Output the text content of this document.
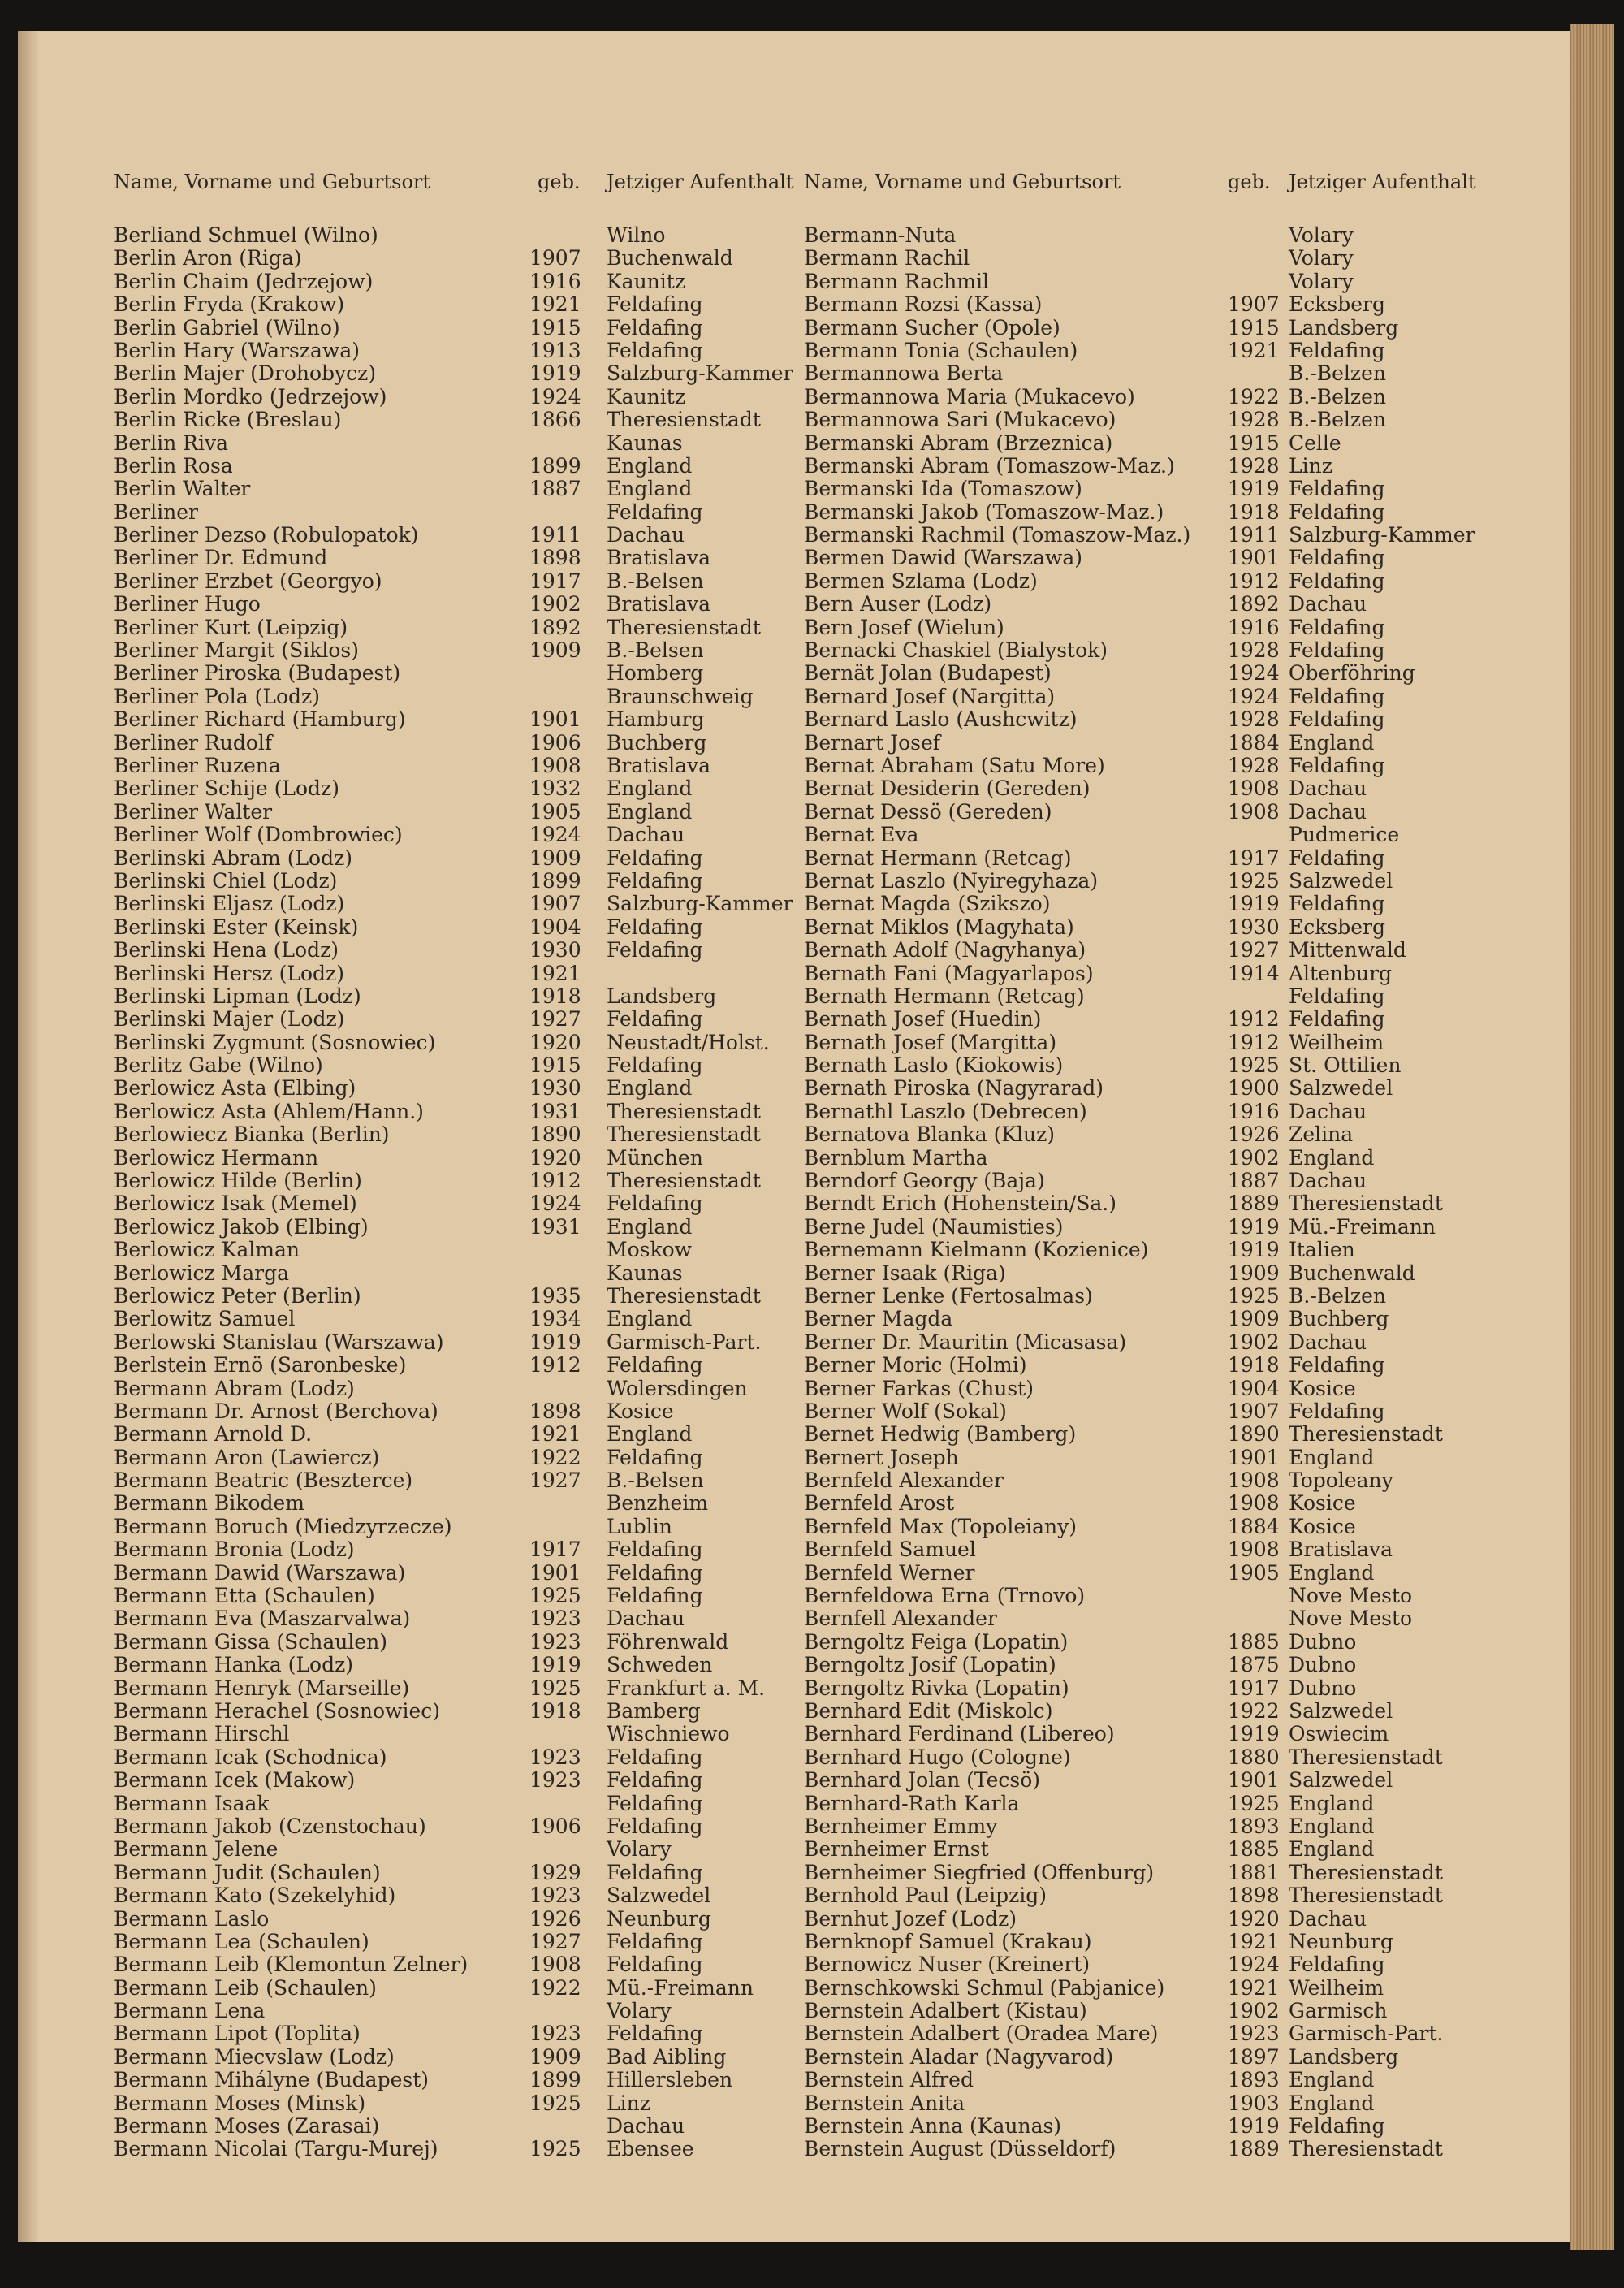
Name, Vorname und Geburtsort	geb. Jetziger Aufenthalt
Berliand Schmuel (Wilno)	Wilno
Berlin Aron (Riga)	1907 Buchenwald
Berlin Chaim (Jedrzejow)	1916 Kaunitz
Berlin Fryda (Krakow)	1921 Feldafing
Berlin Gabriel (Wilno)	1915 Feldafing
Berlin Hary (Warszawa)	1913 Feldafing
Berlin Majer (Drohobycz)	1919 Salzburg-Kammer
Berlin Mordko (Jedrzejow)	1924 Kaunitz
Berlin Ricke (Breslau)	1866 Theresienstadt
Berlin Riva	Kaunas
Berlin Rosa	1899 England
Berlin Walter	1887 England
Berliner	Feldafing
Berliner Dezso (Robulopatok)	1911 Dachau
Berliner Dr. Edmund	1898 Bratislava
Berliner Erzbet (Georgyo)	1917 B.-Belsen
Berliner Hugo	1902 Bratislava
Berliner Kurt (Leipzig)	1892 Theresienstadt
Berliner Margit (Siklos)	1909 B.-Belsen
Berliner Piroska (Budapest)	Homberg
Berliner Pola (Lodz)	Braunschweig
Berliner Richard (Hamburg)	1901 Hamburg
Berliner Rudolf	1906 Buchberg
Berliner Ruzena	1908 Bratislava
Berliner Schije (Lodz)	1932 England
Berliner Walter	1905 England
Berliner Wolf (Dombrowiec)	1924 Dachau
Berlinski Abram (Lodz)	1909 Feldafing
Berlinski Chiel (Lodz)	1899 Feldafing
Berlinski Eljasz (Lodz)	1907 Salzburg-Kammer
Berlinski Ester (Keinsk)	1904 Feldafing
Berlinski Hena (Lodz)	1930 Feldafing
Berlinski Hersz (Lodz)	1921
Berlinski Lipman (Lodz)	1918 Landsberg
Berlinski Majer (Lodz)	1927 Feldafing
Berlinski Zygmunt (Sosnowiec)	1920 Neustadt/Holst.
Berlitz Gabe (Wilno)	1915 Feldafing
Berlowicz Asta (Elbing)	1930 England
Berlowicz Asta (Ahlem/Hann.)	1931 Theresienstadt
Berlowiecz Bianka (Berlin)	1890 Theresienstadt
Berlowicz Hermann	1920 München
Berlowicz Hilde (Berlin)	1912 Theresienstadt
Berlowicz Isak (Memel)	1924 Feldafing
Berlowicz Jakob (Elbing)	1931 England
Berlowicz Kalman	Moskow
Berlowicz Marga	Kaunas
Berlowicz Peter (Berlin)	1935 Theresienstadt
Berlowitz Samuel	1934 England
Berlowski Stanislau (Warszawa)	1919 Garmisch-Part.
Berlstein Ernö (Saronbeske)	1912 Feldafing
Bermann Abram (Lodz)	Wolersdingen
Bermann Dr. Arnost (Berchova)	1898 Kosice
Bermann Arnold D.	1921 England
Bermann Aron (Lawiercz)	1922 Feldafing
Bermann Beatric (Beszterce)	1927 B.-Belsen
Bermann Bikodem	Benzheim
Bermann Boruch (Miedzyrzecze)	Lublin
Bermann Bronia (Lodz)	1917 Feldafing
Bermann Dawid (Warszawa)	1901 Feldafing
Bermann Etta (Schaulen)	1925 Feldafing
Bermann Eva (Maszarvalwa)	1923 Dachau
Bermann Gissa (Schaulen)	1923 Föhrenwald
Bermann Hanka (Lodz)	1919 Schweden
Bermann Henryk (Marseille)	1925 Frankfurt a. M.
Bermann Herachel (Sosnowiec)	1918 Bamberg
Bermann Hirschl	Wischniewo
Bermann Icak (Schodnica)	1923 Feldafing
Bermann Icek (Makow)	1923 Feldafing
Bermann Isaak	Feldafing
Bermann Jakob (Czenstochau)	1906 Feldafing
Bermann Jelene	Volary
Bermann Judit (Schaulen)	1929 Feldafing
Bermann Kato (Szekelyhid)	1923 Salzwedel
Bermann Laslo	1926 Neunburg
Bermann Lea (Schaulen)	1927 Feldafing
Bermann Leib (Klemontun Zelner)	1908 Feldafing
Bermann Leib (Schaulen)	1922 Mü.-Freimann
Bermann Lena	Volary
Bermann Lipot (Toplita)	1923 Feldafing
Bermann Miecvslaw (Lodz)	1909 Bad Aibling
Bermann Mihályne (Budapest)	1899 Hillersleben
Bermann Moses (Minsk)	1925 Linz
Bermann Moses (Zarasai)	Dachau
Bermann Nicolai (Targu-Murej)	1925 Ebensee
Name, Vorname und Geburtsort	geb. Jetziger Aufenthalt
Bermann-Nuta	Volary
Bermann Rachil	Volary
Bermann Rachmil	Volary
Bermann Rozsi (Kassa)	1907 Ecksberg
Bermann Sucher (Opole)	1915 Landsberg
Bermann Tonia (Schaulen)	1921 Feldafing
Bermannowa Berta	B.-Belzen
Bermannowa Maria (Mukacevo)	1922 B.-Belzen
Bermannowa Sari (Mukacevo)	1928 B.-Belzen
Bermanski Abram (Brzeznica)	1915 Celle
Bermanski Abram (Tomaszow-Maz.)	1928 Linz
Bermanski Ida (Tomaszow)	1919 Feldafing
Bermanski Jakob (Tomaszow-Maz.)	1918 Feldafing
Bermanski Rachmil (Tomaszow-Maz.) 1911 Salzburg-Kammer
Bermen Dawid (Warszawa)	1901 Feldafing
Bermen Szlama (Lodz)	1912 Feldafing
Bern Auser (Lodz)	1892 Dachau
Bern Josef (Wielun)	1916 Feldafing
Bernacki Chaskiel (Bialystok)	1928 Feldafing
Bernät Jolan (Budapest)	1924 Oberföhring
Bernard Josef (Nargitta)	1924 Feldafing
Bernard Laslo (Aushcwitz)	1928 Feldafing
Bernart Josef	1884 England
Bernat Abraham (Satu More)	1928 Feldafing
Bernat Desiderin (Gereden)	1908 Dachau
Bernat Dessö (Gereden)	1908 Dachau
Bernat Eva	Pudmerice
Bernat Hermann (Retcag)	1917 Feldafing
Bernat Laszlo (Nyiregyhaza)	1925 Salzwedel
Bernat Magda (Szikszo)	1919 Feldafing
Bernat Miklos (Magyhata)	1930 Ecksberg
Bernath Adolf (Nagyhanya)	1927 Mittenwald
Bernath Fani (Magyarlapos)	1914 Altenburg
Bernath Hermann (Retcag)	Feldafing
Bernath Josef (Huedin)	1912 Feldafing
Bernath Josef (Margitta)	1912 Weilheim
Bernath Laslo (Kiokowis)	1925 St. Ottilien
Bernath Piroska (Nagyrarad)	1900 Salzwedel
Bernathl Laszlo (Debrecen)	1916 Dachau
Bernatova Blanka (Kluz)	1926 Zelina
Bernblum Martha	1902 England
Berndorf Georgy (Baja)	1887 Dachau
Berndt Erich (Hohenstein/Sa.)	1889 Theresienstadt
Berne Judel (Naumisties)	1919 Mü.-Freimann
Bernemann Kielmann (Kozienice)	1919 Italien
Berner Isaak (Riga)	1909 Buchenwald
Berner Lenke (Fertosalmas)	1925 B.-Belzen
Berner Magda	1909 Buchberg
Berner Dr. Mauritin (Micasasa)	1902 Dachau
Berner Moric (Holmi)	1918 Feldafing
Berner Farkas (Chust)	1904 Kosice
Berner Wolf (Sokal)	1907 Feldafing
Bernet Hedwig (Bamberg)	1890 Theresienstadt
Bernert Joseph	1901 England
Bernfeld Alexander	1908 Topoleany
Bernfeld Arost	1908 Kosice
Bernfeld Max (Topoleiany)	1884 Kosice
Bernfeld Samuel	1908 Bratislava
Bernfeld Werner	1905 England
Bernfeldowa Erna (Trnovo)	Nove Mesto
Bernfell Alexander	Nove Mesto
Berngoltz Feiga (Lopatin)	1885 Dubno
Berngoltz Josif (Lopatin)	1875 Dubno
Berngoltz Rivka (Lopatin)	1917 Dubno
Bernhard Edit (Miskolc)	1922 Salzwedel
Bernhard Ferdinand (Libereo)	1919 Oswiecim
Bernhard Hugo (Cologne)	1880 Theresienstadt
Bernhard Jolan (Tecsö)	1901 Salzwedel
Bernhard-Rath Karla	1925 England
Bernheimer Emmy	1893 England
Bernheimer Ernst	1885 England
Bernheimer Siegfried (Offenburg)	1881 Theresienstadt
Bernhold Paul (Leipzig)	1898 Theresienstadt
Bernhut Jozef (Lodz)	1920 Dachau
Bernknopf Samuel (Krakau)	1921 Neunburg
Bernowicz Nuser (Kreinert)	1924 Feldafing
Bernschkowski Schmul (Pabjanice)	1921 Weilheim
Bernstein Adalbert (Kistau)	1902 Garmisch
Bernstein Adalbert (Oradea Mare)	1923 Garmisch-Part.
Bernstein Aladar (Nagyvarod)	1897 Landsberg
Bernstein Alfred	1893 England
Bernstein Anita	1903 England
Bernstein Anna (Kaunas)	1919 Feldafing
Bernstein August (Düsseldorf)	1889 Theresienstadt
